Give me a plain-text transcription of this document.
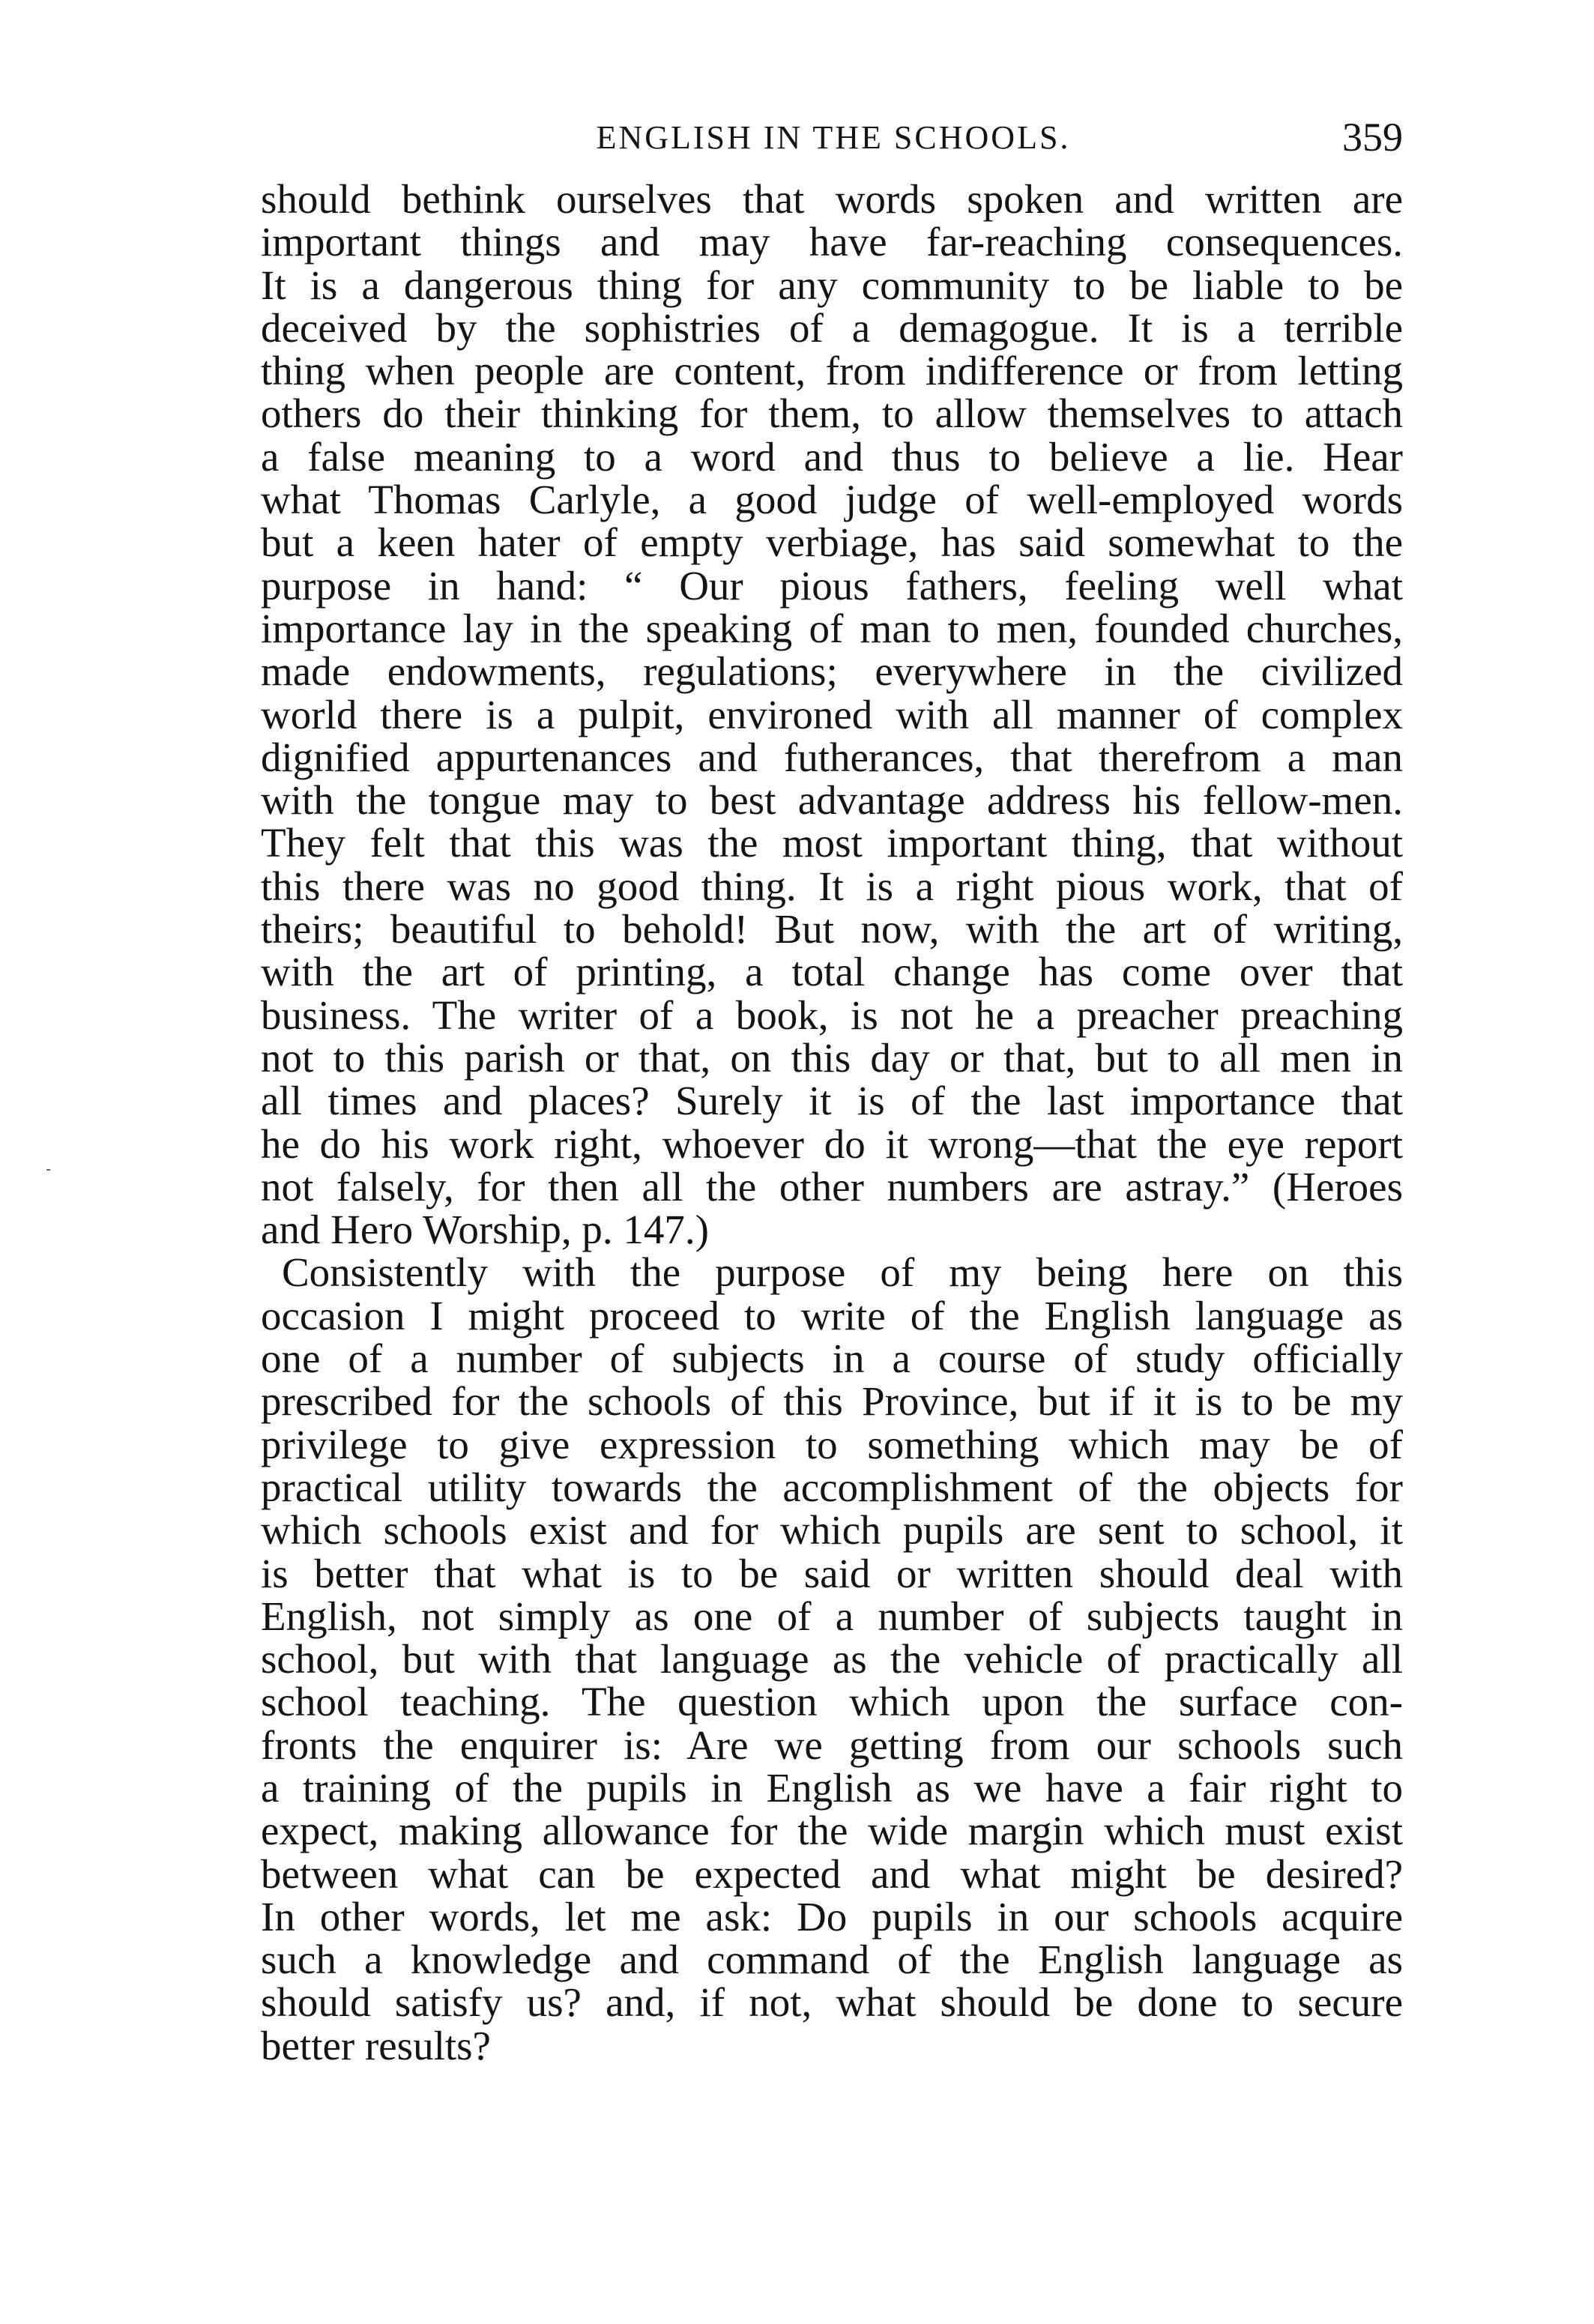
ENGLISH IN THE SCHOOLS.	359
should bethink ourselves that words spoken and written are
important things and may have far-reaching consequences.
It is a dangerous thing for any community to be liable to be
deceived by the sophistries of a demagogue. It is a terrible
thing when people are content, from indifference or from letting
others do their thinking for them, to allow themselves to attach
a false meaning to a word and thus to believe a lie. Hear
what Thomas Carlyle, a good judge of well-employed words
but a keen hater of empty verbiage, has said somewhat to the
purpose in hand: “ Our pious fathers, feeling well what
importance lay in the speaking of man to men, founded churches,
made endowments, regulations; everywhere in the civilized
world there is a pulpit, environed with all manner of complex
dignified appurtenances and futherances, that therefrom a man
with the tongue may to best advantage address his fellow-men.
They felt that this was the most important thing, that without
this there was no good thing. It is a right pious work, that of
theirs; beautiful to behold! But now, with the art of writing,
with the art of printing, a total change has come over that
business. The writer of a book, is not he a preacher preaching
not to this parish or that, on this day or that, but to all men in
all times and places? Surely it is of the last importance that
he do his work right, whoever do it wrong—that the eye report
not falsely, for then all the other numbers are astray.” (Heroes
and Hero Worship, p. 147.)
Consistently with the purpose of my being here on this
occasion I might proceed to write of the English language as
one of a number of subjects in a course of study officially
prescribed for the schools of this Province, but if it is to be my
privilege to give expression to something which may be of
practical utility towards the accomplishment of the objects for
which schools exist and for which pupils are sent to school, it
is better that what is to be said or written should deal with
English, not simply as one of a number of subjects taught in
school, but with that language as the vehicle of practically all
school teaching. The question which upon the surface con-
fronts the enquirer is: Are we getting from our schools such
a training of the pupils in English as we have a fair right to
expect, making allowance for the wide margin which must exist
between what can be expected and what might be desired?
In other words, let me ask: Do pupils in our schools acquire
such a knowledge and command of the English language as
should satisfy us? and, if not, what should be done to secure
better results?
